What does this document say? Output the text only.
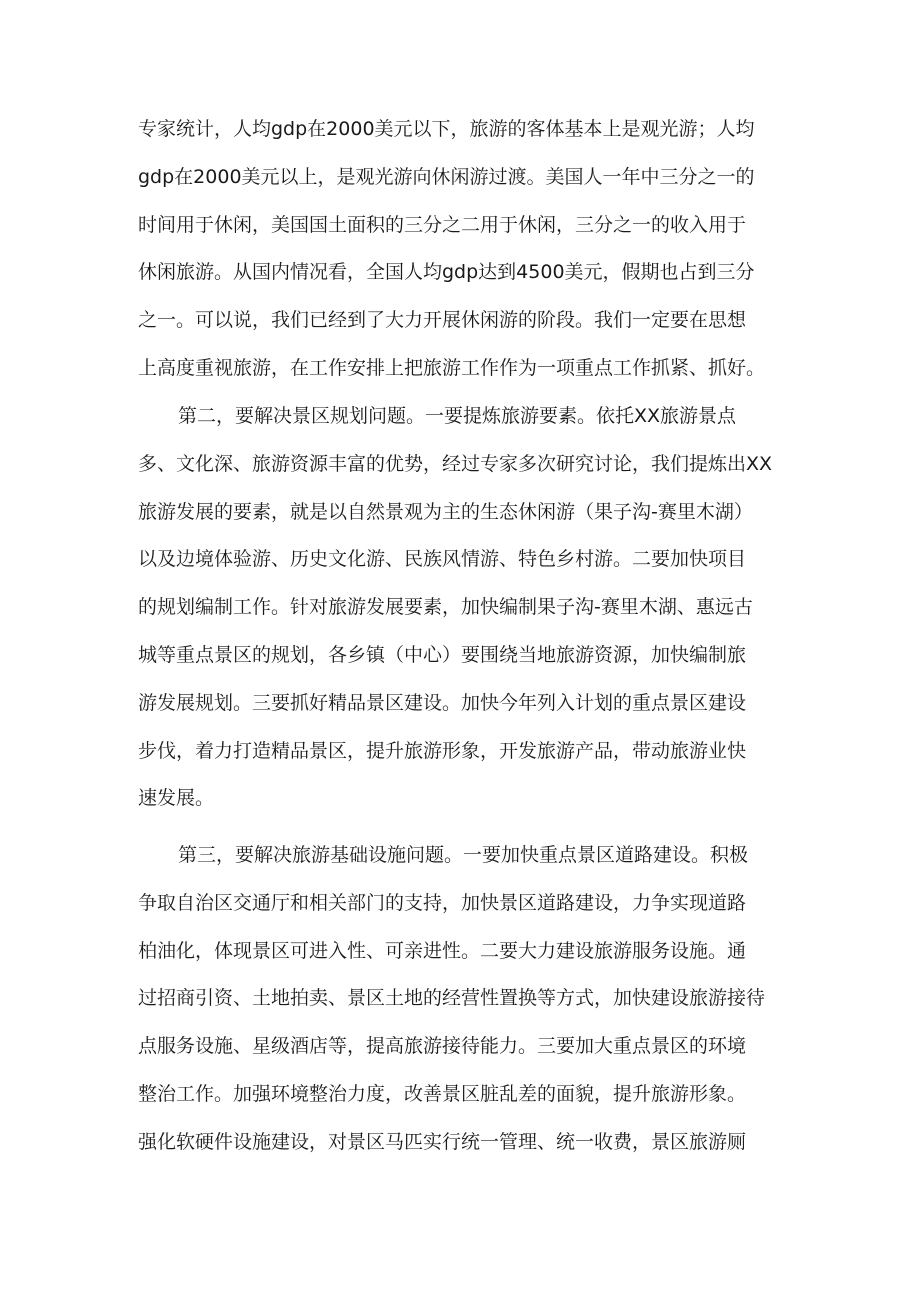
专家统计，人均gdp在2000美元以下，旅游的客体基本上是观光游；人均
gdp在2000美元以上，是观光游向休闲游过渡。美国人一年中三分之一的
时间用于休闲，美国国土面积的三分之二用于休闲，三分之一的收入用于
休闲旅游。从国内情况看，全国人均gdp达到4500美元，假期也占到三分
之一。可以说，我们已经到了大力开展休闲游的阶段。我们一定要在思想
上高度重视旅游，在工作安排上把旅游工作作为一项重点工作抓紧、抓好。
第二，要解决景区规划问题。一要提炼旅游要素。依托XX旅游景点
多、文化深、旅游资源丰富的优势，经过专家多次研究讨论，我们提炼出XX
旅游发展的要素，就是以自然景观为主的生态休闲游（果子沟-赛里木湖）
以及边境体验游、历史文化游、民族风情游、特色乡村游。二要加快项目
的规划编制工作。针对旅游发展要素，加快编制果子沟-赛里木湖、惠远古
城等重点景区的规划，各乡镇（中心）要围绕当地旅游资源，加快编制旅
游发展规划。三要抓好精品景区建设。加快今年列入计划的重点景区建设
步伐，着力打造精品景区，提升旅游形象，开发旅游产品，带动旅游业快
速发展。
第三，要解决旅游基础设施问题。一要加快重点景区道路建设。积极
争取自治区交通厅和相关部门的支持，加快景区道路建设，力争实现道路
柏油化，体现景区可进入性、可亲进性。二要大力建设旅游服务设施。通
过招商引资、土地拍卖、景区土地的经营性置换等方式，加快建设旅游接待
点服务设施、星级酒店等，提高旅游接待能力。三要加大重点景区的环境
整治工作。加强环境整治力度，改善景区脏乱差的面貌，提升旅游形象。
强化软硬件设施建设，对景区马匹实行统一管理、统一收费，景区旅游厕
